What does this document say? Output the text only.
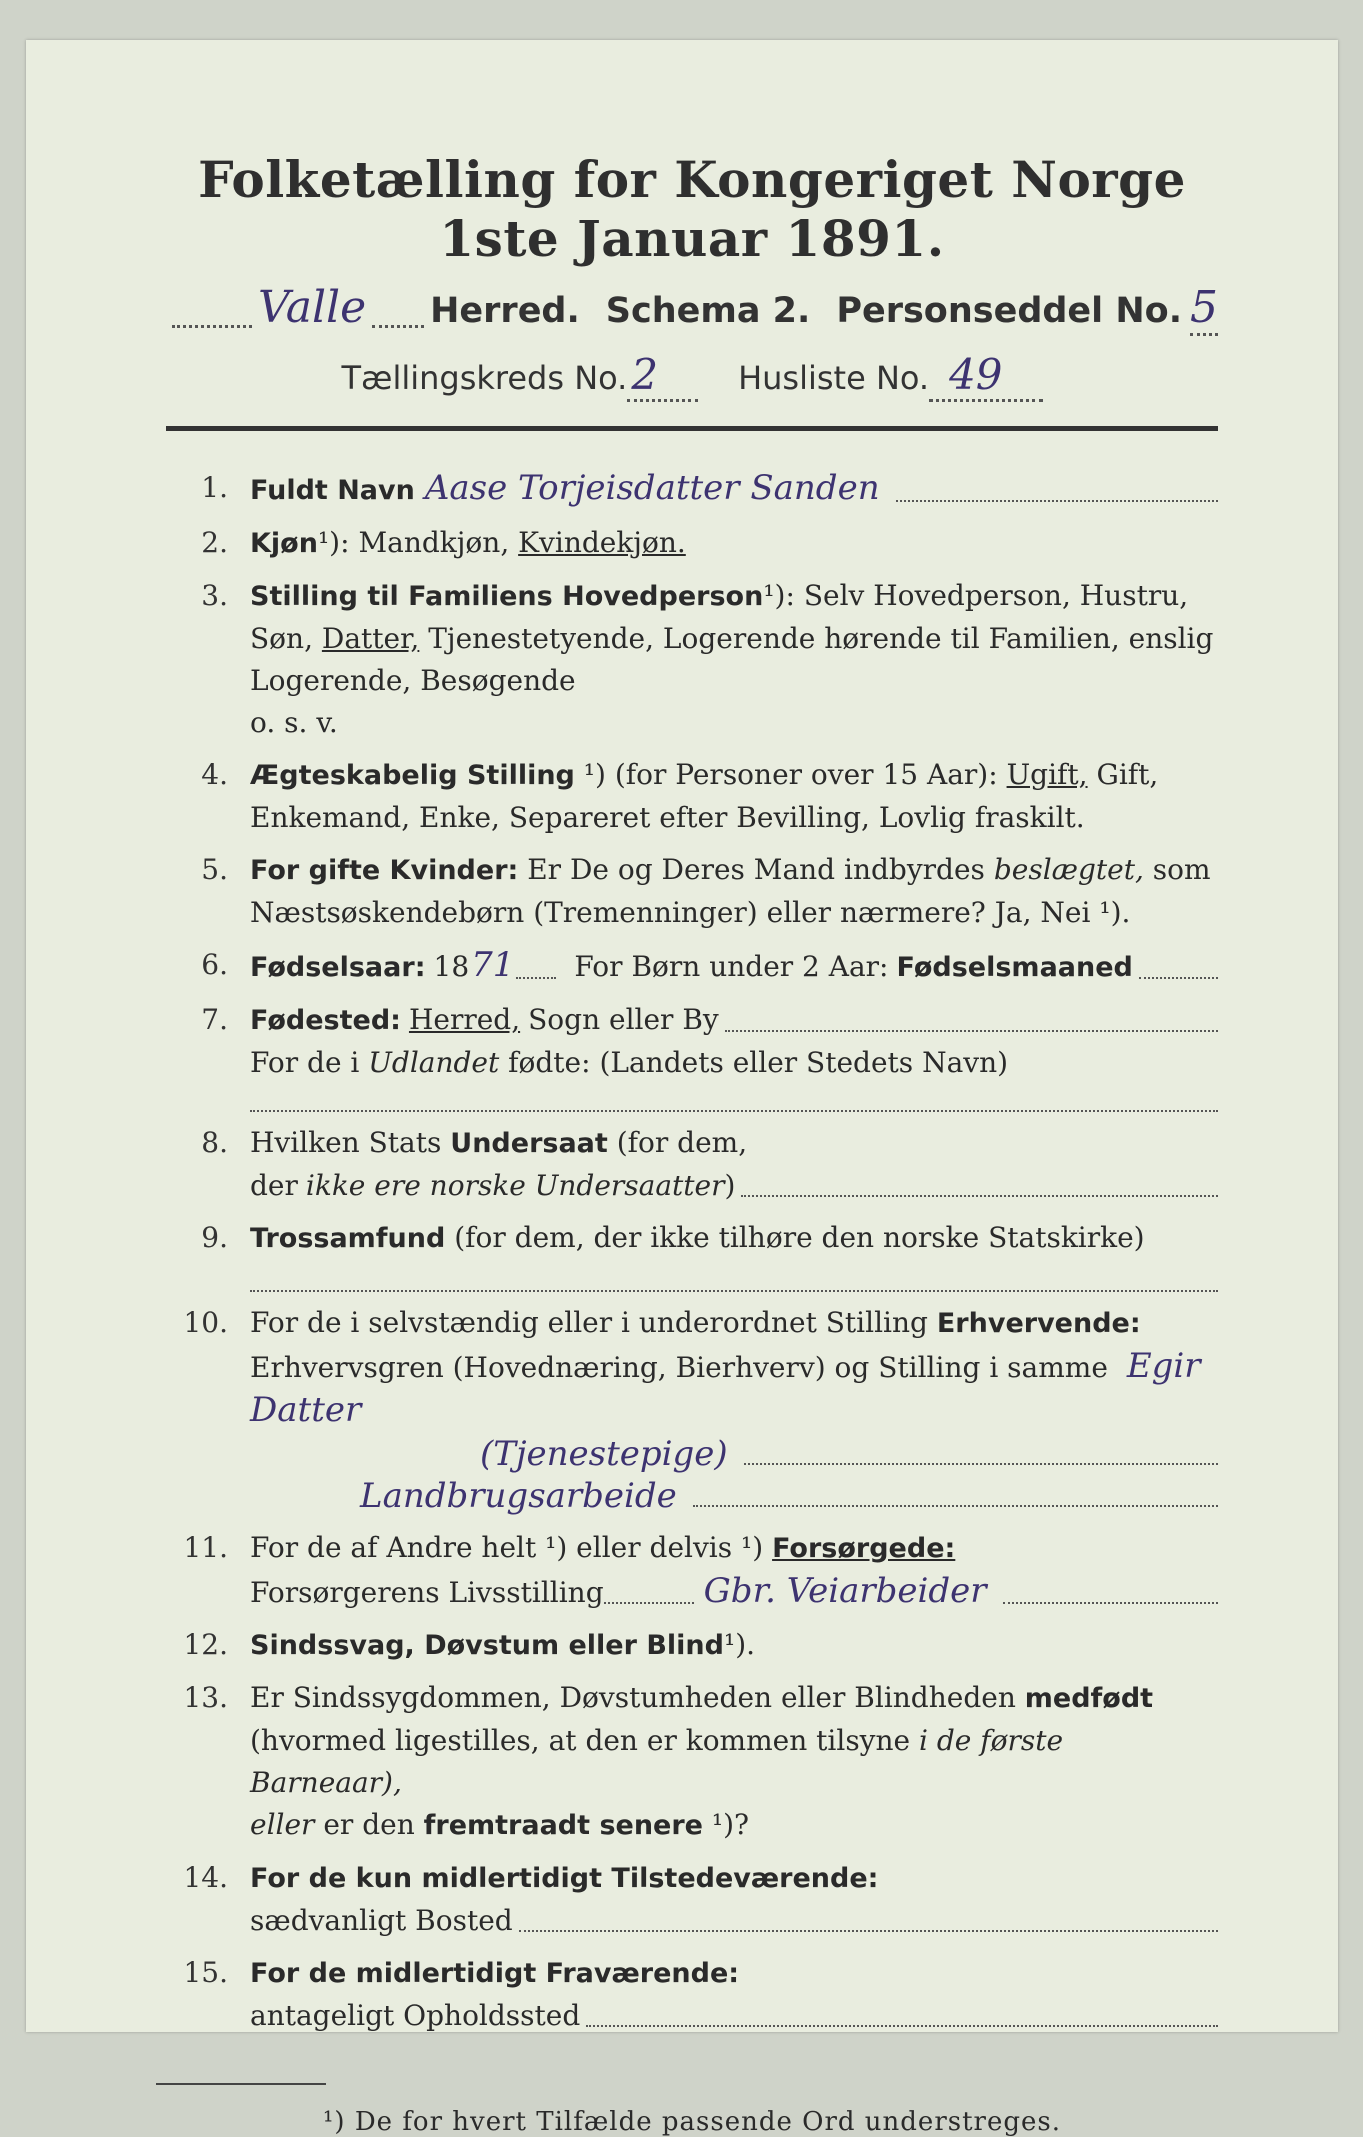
Folketælling for Kongeriget Norge 1ste Januar 1891.
Valle Herred. Schema 2. Personseddel No. 5
Tællingskreds No. 2	Husliste No. 49
1. Fuldt Navn Aase Torjeisdatter Sanden
2. Kjøn¹): Mandkjøn, Kvindekjøn.
3. Stilling til Familiens Hovedperson¹): Selv Hovedperson, Hustru, Søn, Datter, Tjenestetyende, Logerende hørende til Familien, enslig Logerende, Besøgende
o. s. v.
4. Ægteskabelig Stilling ¹) (for Personer over 15 Aar): Ugift, Gift, Enkemand, Enke, Separeret efter Bevilling, Lovlig fraskilt.
5. For gifte Kvinder: Er De og Deres Mand indbyrdes beslægtet, som Næstsøskendebørn (Tremenninger) eller nærmere? Ja, Nei ¹).
6. Fødselsaar: 18 71 For Børn under 2 Aar: Fødselsmaaned
7. Fødested: Herred, Sogn eller By
For de i Udlandet fødte: (Landets eller Stedets Navn)
8. Hvilken Stats Undersaat (for dem,
der ikke ere norske Undersaatter )
9. Trossamfund (for dem, der ikke tilhøre den norske Statskirke)
10. For de i selvstændig eller i underordnet Stilling Erhvervende: Erhvervsgren (Hovednæring, Bierhverv) og Stilling i samme Egir Datter
(Tjenestepige)
Landbrugsarbeide
11. For de af Andre helt ¹) eller delvis ¹) Forsørgede:
Forsørgerens Livsstilling	Gbr. Veiarbeider
12. Sindssvag, Døvstum eller Blind¹).
13. Er Sindssygdommen, Døvstumheden eller Blindheden medfødt (hvormed ligestilles, at den er kommen tilsyne i de første Barneaar),
eller er den fremtraadt senere ¹)?
14. For de kun midlertidigt Tilstedeværende:
sædvanligt Bosted
15. For de midlertidigt Fraværende:
antageligt Opholdssted
¹) De for hvert Tilfælde passende Ord understreges.
